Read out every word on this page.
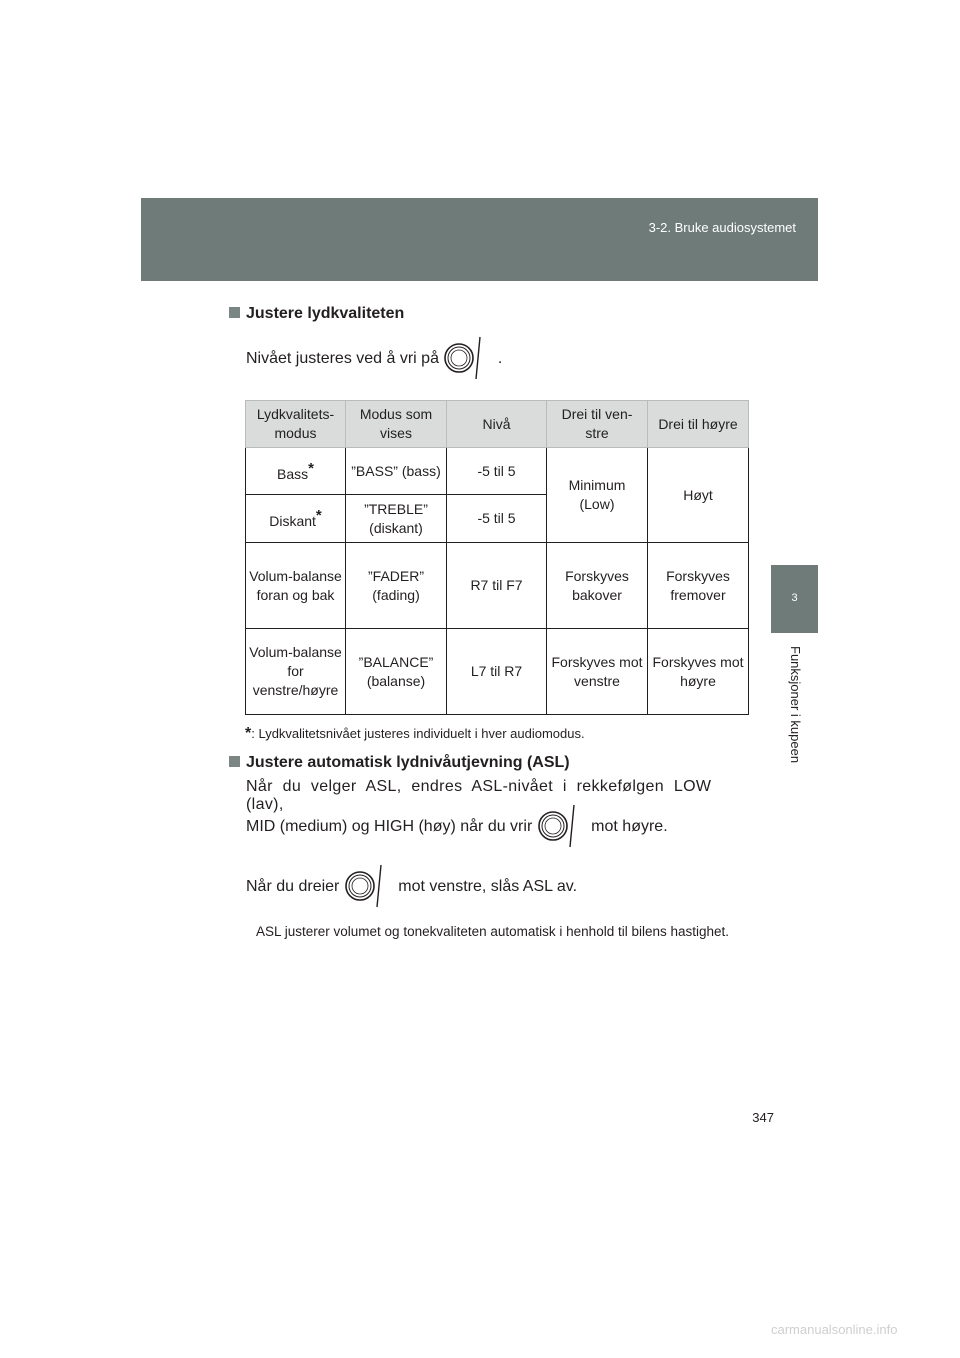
3-2. Bruke audiosystemet
3
Funksjoner i kupeen
Justere lydkvaliteten
Nivået justeres ved å vri på	.
Lydkvalitets-modus	Modus som vises	Nivå	Drei til ven-stre	Drei til høyre
Bass*	”BASS” (bass)	-5 til 5	Minimum (Low)	Høyt
Diskant*	”TREBLE” (diskant)	-5 til 5		
Volum-balanse foran og bak	”FADER” (fading)	R7 til F7	Forskyves bakover	Forskyves fremover
Volum-balanse for venstre/høyre	”BALANCE” (balanse)	L7 til R7	Forskyves mot venstre	Forskyves mot høyre
*: Lydkvalitetsnivået justeres individuelt i hver audiomodus.
Justere automatisk lydnivåutjevning (ASL)
Når du velger ASL, endres ASL-nivået i rekkefølgen LOW (lav),
MID (medium) og HIGH (høy) når du vrir	mot høyre.
Når du dreier	mot venstre, slås ASL av.
ASL justerer volumet og tonekvaliteten automatisk i henhold til bilens hastighet.
347
carmanualsonline.info
